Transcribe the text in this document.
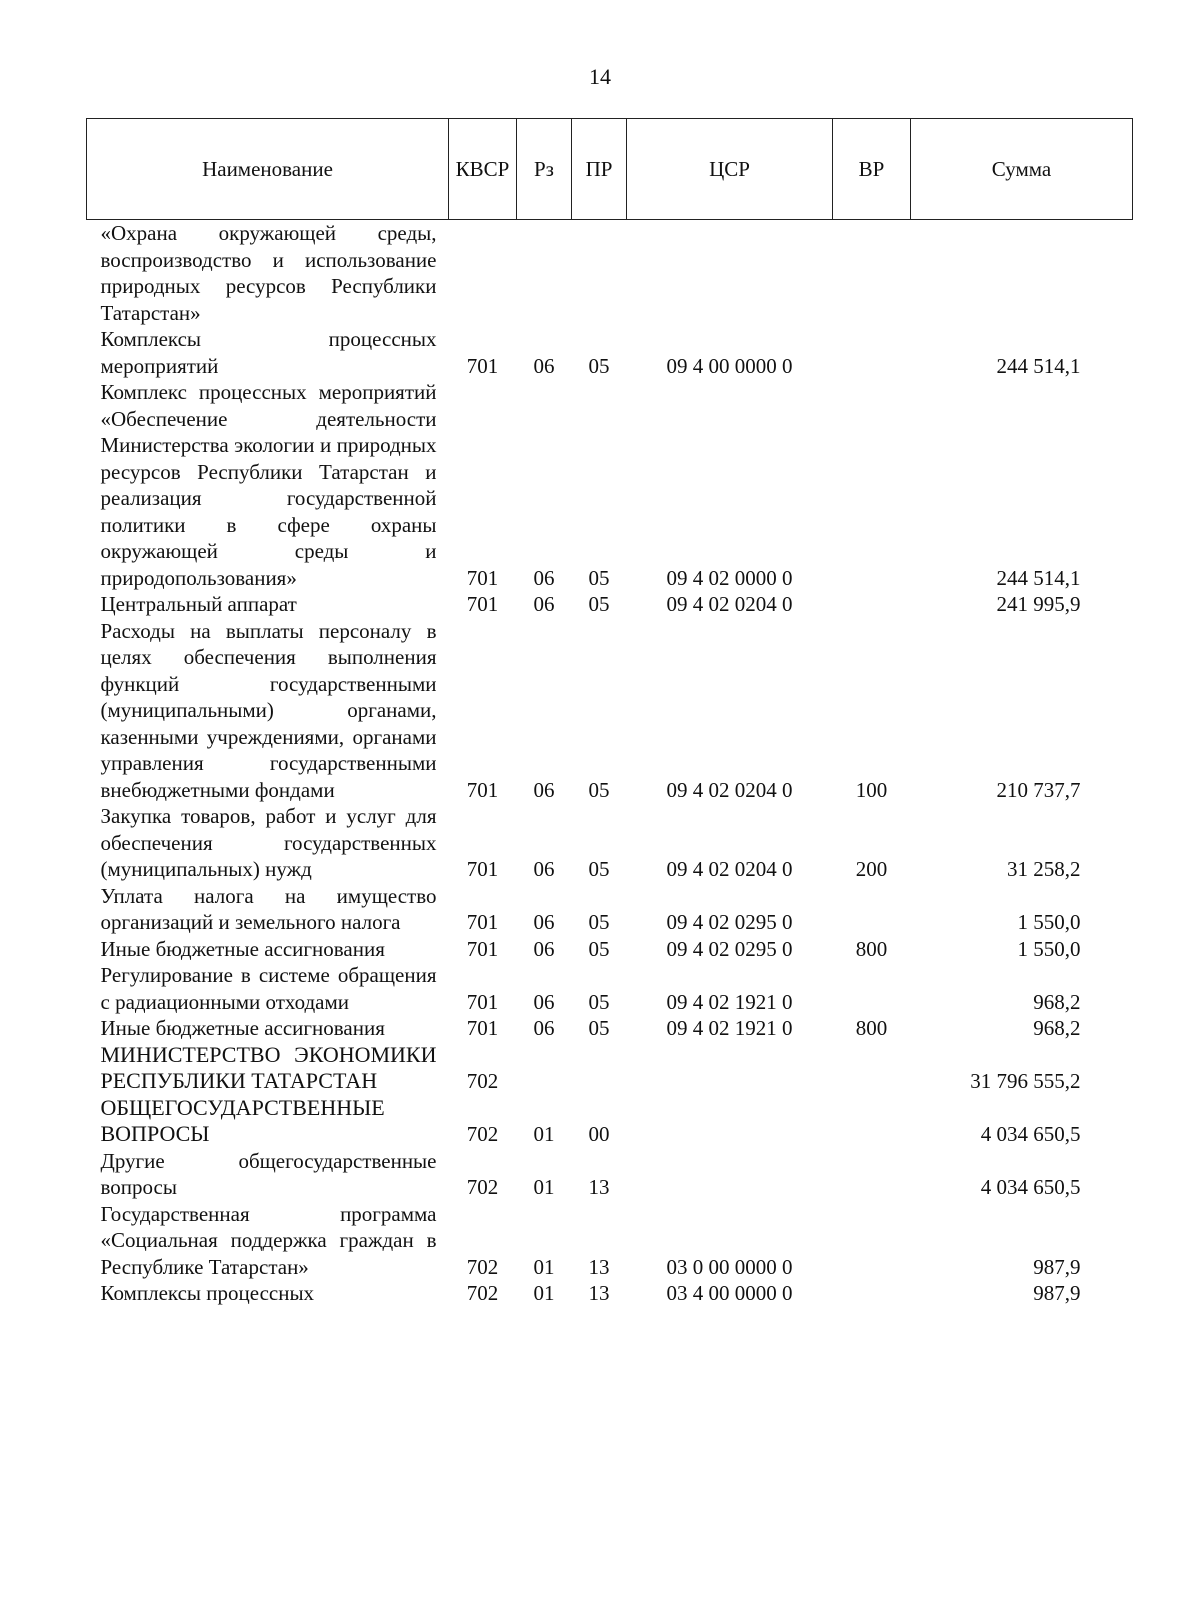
14
Наименование	КВСР	Рз	ПР	ЦСР	ВР	Сумма
«Охрана окружающей среды, воспроизводство и использование природных ресурсов Республики Татарстан»						
Комплексы процессных мероприятий	701	06	05	09 4 00 0000 0		244 514,1
Комплекс процессных мероприятий «Обеспечение деятельности Министерства экологии и природных ресурсов Республики Татарстан и реализация государственной политики в сфере охраны окружающей среды и природопользования»	701	06	05	09 4 02 0000 0		244 514,1
Центральный аппарат	701	06	05	09 4 02 0204 0		241 995,9
Расходы на выплаты персоналу в целях обеспечения выполнения функций государственными (муниципальными) органами, казенными учреждениями, органами управления государственными внебюджетными фондами	701	06	05	09 4 02 0204 0	100	210 737,7
Закупка товаров, работ и услуг для обеспечения государственных (муниципальных) нужд	701	06	05	09 4 02 0204 0	200	31 258,2
Уплата налога на имущество организаций и земельного налога	701	06	05	09 4 02 0295 0		1 550,0
Иные бюджетные ассигнования	701	06	05	09 4 02 0295 0	800	1 550,0
Регулирование в системе обращения с радиационными отходами	701	06	05	09 4 02 1921 0		968,2
Иные бюджетные ассигнования	701	06	05	09 4 02 1921 0	800	968,2
МИНИСТЕРСТВО ЭКОНОМИКИ РЕСПУБЛИКИ ТАТАРСТАН	702					31 796 555,2
ОБЩЕГОСУДАРСТВЕННЫЕ ВОПРОСЫ	702	01	00			4 034 650,5
Другие общегосударственные вопросы	702	01	13			4 034 650,5
Государственная программа «Социальная поддержка граждан в Республике Татарстан»	702	01	13	03 0 00 0000 0		987,9
Комплексы процессных	702	01	13	03 4 00 0000 0		987,9
